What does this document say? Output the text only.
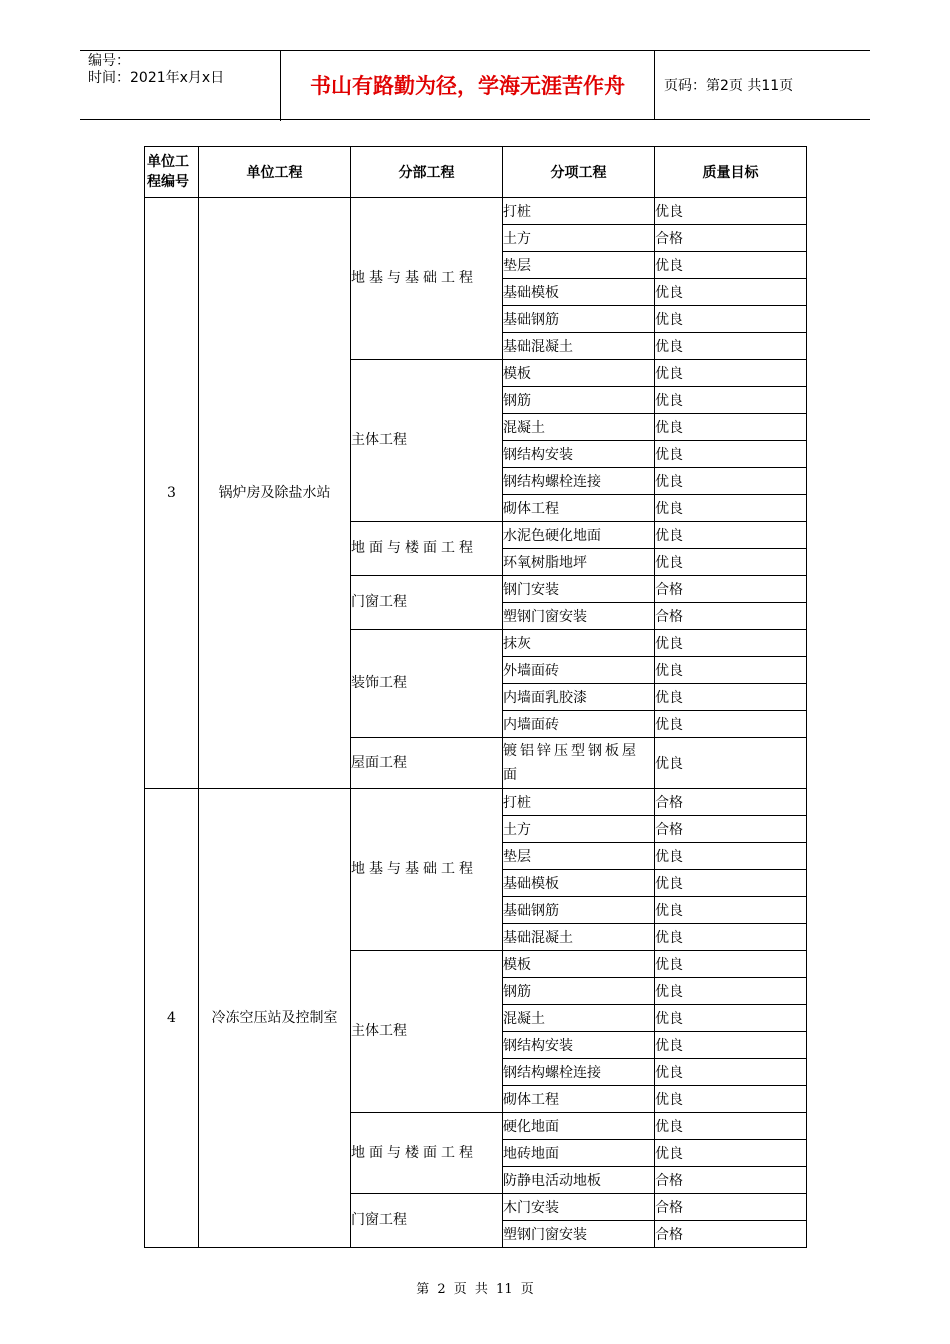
编号：
时间：2021年x月x日	书山有路勤为径，学海无涯苦作舟	页码：第2页 共11页
单位工程编号	单位工程	分部工程	分项工程	质量目标
3	锅炉房及除盐水站	地基与基础工程	打桩	优良
			土方	合格
			垫层	优良
			基础模板	优良
			基础钢筋	优良
			基础混凝土	优良
		主体工程	模板	优良
			钢筋	优良
			混凝土	优良
			钢结构安装	优良
			钢结构螺栓连接	优良
			砌体工程	优良
		地面与楼面工程	水泥色硬化地面	优良
			环氧树脂地坪	优良
		门窗工程	钢门安装	合格
			塑钢门窗安装	合格
		装饰工程	抹灰	优良
			外墙面砖	优良
			内墙面乳胶漆	优良
			内墙面砖	优良
		屋面工程	镀铝锌压型钢板屋面	优良
4	冷冻空压站及控制室	地基与基础工程	打桩	合格
			土方	合格
			垫层	优良
			基础模板	优良
			基础钢筋	优良
			基础混凝土	优良
		主体工程	模板	优良
			钢筋	优良
			混凝土	优良
			钢结构安装	优良
			钢结构螺栓连接	优良
			砌体工程	优良
		地面与楼面工程	硬化地面	优良
			地砖地面	优良
			防静电活动地板	合格
		门窗工程	木门安装	合格
			塑钢门窗安装	合格
第 2 页 共 11 页
